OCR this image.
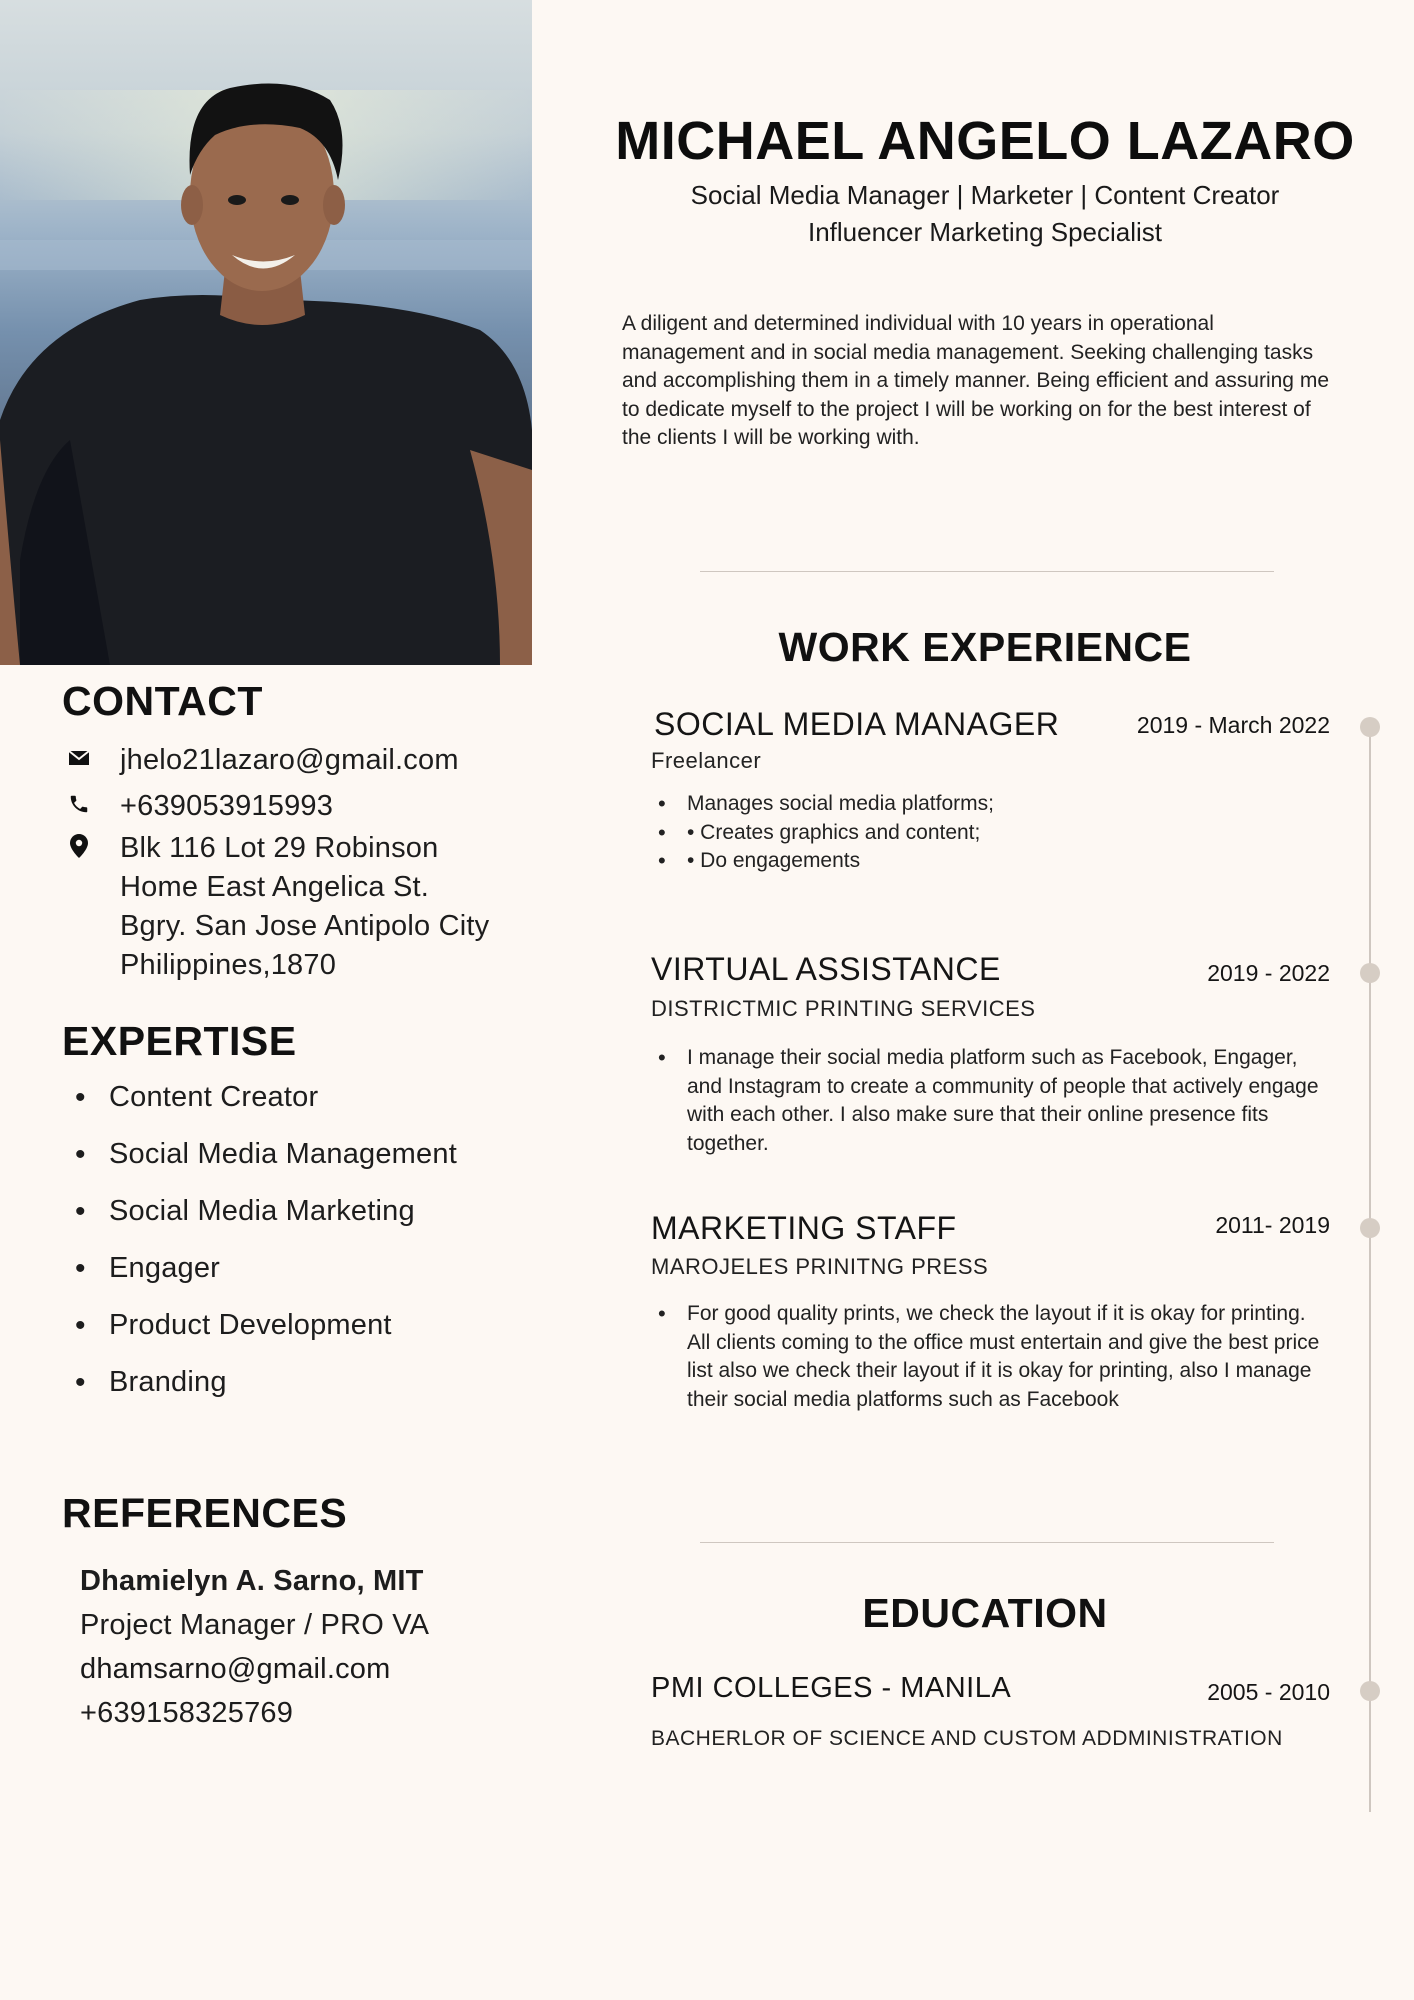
CONTACT
jhelo21lazaro@gmail.com
+639053915993
Blk 116 Lot 29 Robinson
Home East Angelica St.
Bgry. San Jose Antipolo City
Philippines,1870
EXPERTISE
• Content Creator
• Social Media Management
• Social Media Marketing
• Engager
• Product Development
• Branding
REFERENCES
Dhamielyn A. Sarno, MIT
Project Manager / PRO VA
dhamsarno@gmail.com
+639158325769
MICHAEL ANGELO LAZARO
Social Media Manager | Marketer | Content Creator
Influencer Marketing Specialist
A diligent and determined individual with 10 years in operational management and in social media management. Seeking challenging tasks and accomplishing them in a timely manner. Being efficient and assuring me to dedicate myself to the project I will be working on for the best interest of the clients I will be working with.
WORK EXPERIENCE
SOCIAL MEDIA MANAGER	2019 - March 2022
Freelancer
• Manages social media platforms;
• • Creates graphics and content;
• • Do engagements
VIRTUAL ASSISTANCE	2019 - 2022
DISTRICTMIC PRINTING SERVICES
• I manage their social media platform such as Facebook, Engager, and Instagram to create a community of people that actively engage with each other. I also make sure that their online presence fits together.
MARKETING STAFF	2011- 2019
MAROJELES PRINITNG PRESS
• For good quality prints, we check the layout if it is okay for printing. All clients coming to the office must entertain and give the best price list also we check their layout if it is okay for printing, also I manage their social media platforms such as Facebook
EDUCATION
PMI COLLEGES - MANILA	2005 - 2010
BACHERLOR OF SCIENCE AND CUSTOM ADDMINISTRATION
